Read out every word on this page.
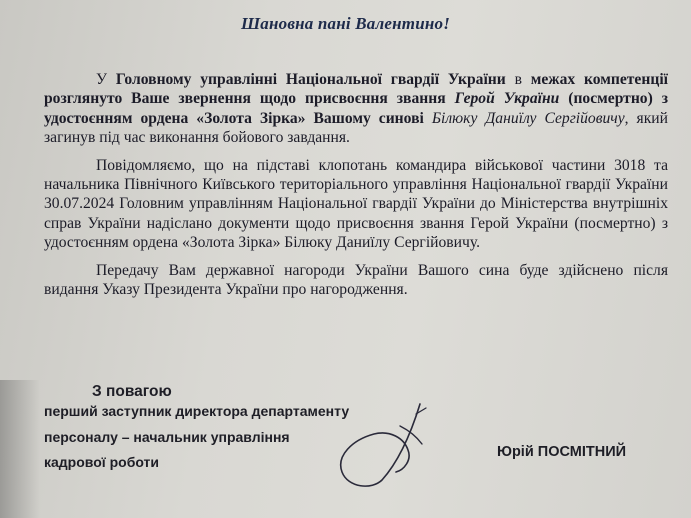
Шановна пані Валентино!

У Головному управлінні Національної гвардії України в межах компетенції розглянуто Ваше звернення щодо присвоєння звання Герой України (посмертно) з удостоєнням ордена «Золота Зірка» Вашому синові Білюку Даниїлу Сергійовичу, який загинув під час виконання бойового завдання.

Повідомляємо, що на підставі клопотань командира військової частини 3018 та начальника Північного Київського територіального управління Національної гвардії України 30.07.2024 Головним управлінням Національної гвардії України до Міністерства внутрішніх справ України надіслано документи щодо присвоєння звання Герой України (посмертно) з удостоєнням ордена «Золота Зірка» Білюку Даниїлу Сергійовичу.

Передачу Вам державної нагороди України Вашого сина буде здійснено після видання Указу Президента України про нагородження.

З повагою
перший заступник директора департаменту
персоналу – начальник управління
кадрової роботи
Юрій ПОСМІТНИЙ
